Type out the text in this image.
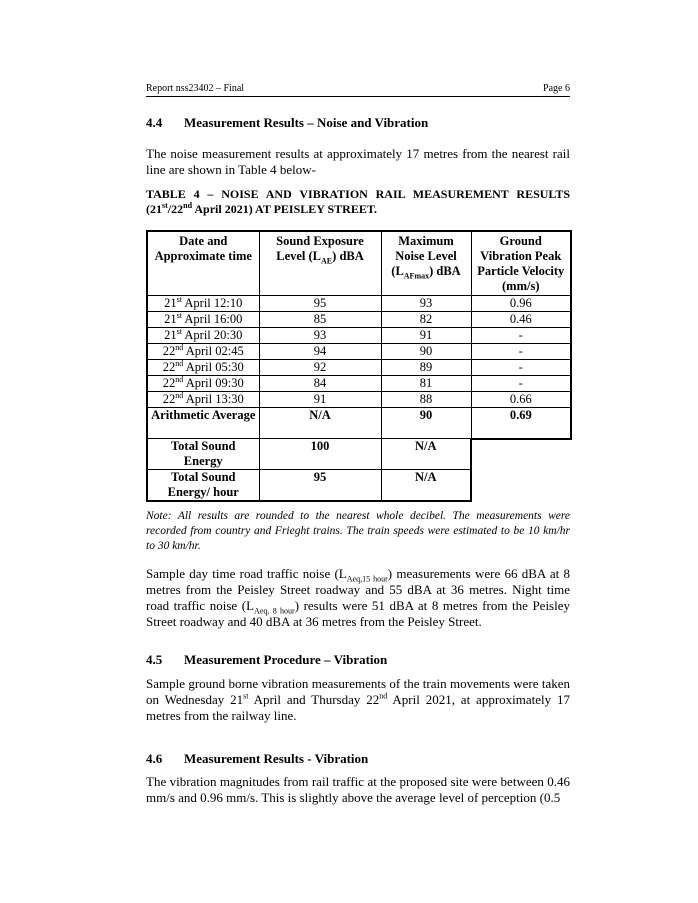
Report nss23402 – Final	Page 6
4.4 Measurement Results – Noise and Vibration
The noise measurement results at approximately 17 metres from the nearest rail line are shown in Table 4 below-
TABLE 4 – NOISE AND VIBRATION RAIL MEASUREMENT RESULTS (21st/22nd April 2021) AT PEISLEY STREET.
Date and Approximate time	Sound Exposure Level $(L_{AE})$ dBA	Maximum Noise Level $(L_{AFmax})$ dBA	Ground Vibration Peak Particle Velocity (mm/s)
21st April 12:10	95	93	0.96
21st April 16:00	85	82	0.46
21st April 20:30	93	91	-
22nd April 02:45	94	90	-
22nd April 05:30	92	89	-
22nd April 09:30	84	81	-
22nd April 13:30	91	88	0.66
Arithmetic Average	N/A	90	0.69
Total Sound Energy	100	N/A	
Total Sound Energy/ hour	95	N/A	
Note: All results are rounded to the nearest whole decibel. The measurements were recorded from country and Frieght trains. The train speeds were estimated to be 10 km/hr to 30 km/hr.
Sample day time road traffic noise $(L_{Aeq,15 hour})$ measurements were 66 dBA at 8 metres from the Peisley Street roadway and 55 dBA at 36 metres. Night time road traffic noise $(L_{Aeq, 8 hour})$ results were 51 dBA at 8 metres from the Peisley Street roadway and 40 dBA at 36 metres from the Peisley Street.
4.5 Measurement Procedure – Vibration
Sample ground borne vibration measurements of the train movements were taken on Wednesday 21st April and Thursday 22nd April 2021, at approximately 17 metres from the railway line.
4.6 Measurement Results - Vibration
The vibration magnitudes from rail traffic at the proposed site were between 0.46 mm/s and 0.96 mm/s. This is slightly above the average level of perception (0.5
